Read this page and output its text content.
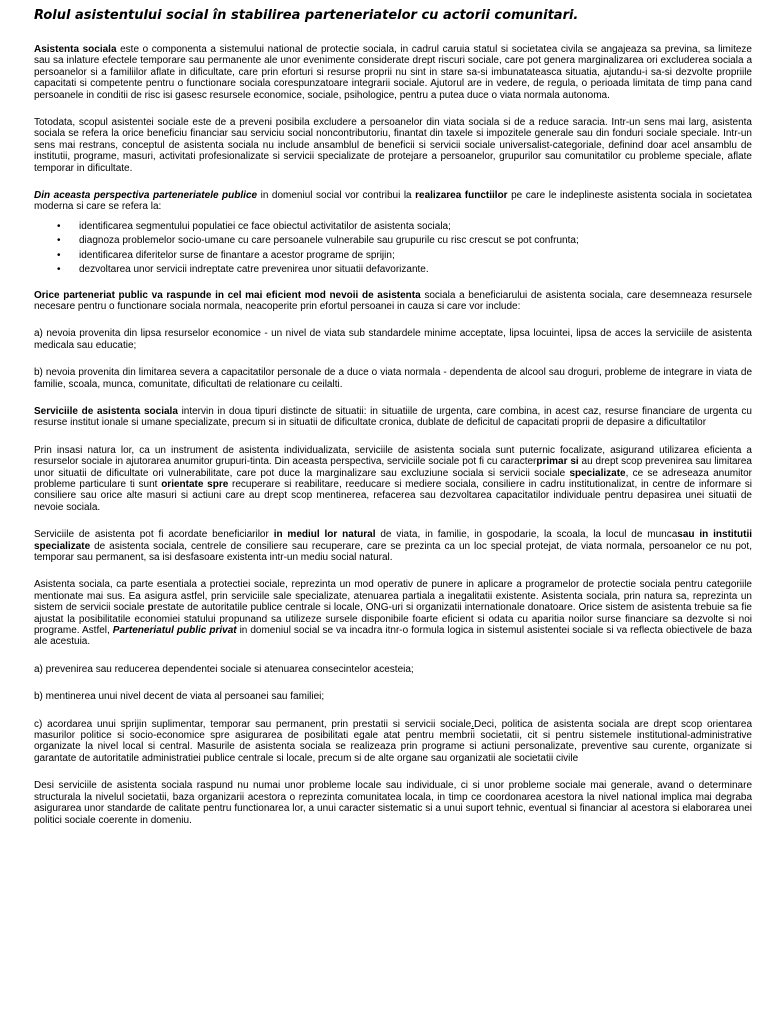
Rolul asistentului social în stabilirea parteneriatelor cu actorii comunitari.

Asistenta sociala este o componenta a sistemului national de protectie sociala, in cadrul caruia statul si societatea civila se angajeaza sa previna, sa limiteze sau sa inlature efectele temporare sau permanente ale unor evenimente considerate drept riscuri sociale, care pot genera marginalizarea ori excluderea sociala a persoanelor si a familiilor aflate in dificultate, care prin eforturi si resurse proprii nu sint in stare sa-si imbunatateasca situatia, ajutandu-i sa-si dezvolte propriile capacitati si competente pentru o functionare sociala corespunzatoare integrarii sociale. Ajutorul are in vedere, de regula, o perioada limitata de timp pana cand persoanele in conditii de risc isi gasesc resursele economice, sociale, psihologice, pentru a putea duce o viata normala autonoma.

Totodata, scopul asistentei sociale este de a preveni posibila excludere a persoanelor din viata sociala si de a reduce saracia. Intr-un sens mai larg, asistenta sociala se refera la orice beneficiu financiar sau serviciu social noncontributoriu, finantat din taxele si impozitele generale sau din fonduri sociale speciale. Intr-un sens mai restrans, conceptul de asistenta sociala nu include ansamblul de beneficii si servicii sociale universalist-categoriale, definind doar acel ansamblu de institutii, programe, masuri, activitati profesionalizate si servicii specializate de protejare a persoanelor, grupurilor sau comunitatilor cu probleme speciale, aflate temporar in dificultate.

Din aceasta perspectiva parteneriatele publice in domeniul social vor contribui la realizarea functiilor pe care le indeplineste asistenta sociala in societatea moderna si care se refera la:

• identificarea segmentului populatiei ce face obiectul activitatilor de asistenta sociala;
• diagnoza problemelor socio-umane cu care persoanele vulnerabile sau grupurile cu risc crescut se pot confrunta;
• identificarea diferitelor surse de finantare a acestor programe de sprijin;
• dezvoltarea unor servicii indreptate catre prevenirea unor situatii defavorizante.

Orice parteneriat public va raspunde in cel mai eficient mod nevoii de asistenta sociala a beneficiarului de asistenta sociala, care desemneaza resursele necesare pentru o functionare sociala normala, neacoperite prin efortul persoanei in cauza si care vor include:

a) nevoia provenita din lipsa resurselor economice - un nivel de viata sub standardele minime acceptate, lipsa locuintei, lipsa de acces la serviciile de asistenta medicala sau educatie;

b) nevoia provenita din limitarea severa a capacitatilor personale de a duce o viata normala - dependenta de alcool sau droguri, probleme de integrare in viata de familie, scoala, munca, comunitate, dificultati de relationare cu ceilalti.

Serviciile de asistenta sociala intervin in doua tipuri distincte de situatii: in situatiile de urgenta, care combina, in acest caz, resurse financiare de urgenta cu resurse institut ionale si umane specializate, precum si in situatii de dificultate cronica, dublate de deficitul de capacitati proprii de depasire a dificultatilor

Prin insasi natura lor, ca un instrument de asistenta individualizata, serviciile de asistenta sociala sunt puternic focalizate, asigurand utilizarea eficienta a resurselor sociale in ajutorarea anumitor grupuri-tinta. Din aceasta perspectiva, serviciile sociale pot fi cu caracterprimar si au drept scop prevenirea sau limitarea unor situatii de dificultate ori vulnerabilitate, care pot duce la marginalizare sau excluziune sociala si servicii sociale specializate, ce se adreseaza anumitor probleme particulare ti sunt orientate spre recuperare si reabilitare, reeducare si mediere sociala, consiliere in cadru institutionalizat, in centre de informare si consiliere sau orice alte masuri si actiuni care au drept scop mentinerea, refacerea sau dezvoltarea capacitatilor individuale pentru depasirea unei situatii de nevoie sociala.

Serviciile de asistenta pot fi acordate beneficiarilor in mediul lor natural de viata, in familie, in gospodarie, la scoala, la locul de muncasau in institutii specializate de asistenta sociala, centrele de consiliere sau recuperare, care se prezinta ca un loc special protejat, de viata normala, persoanelor ce nu pot, temporar sau permanent, sa isi desfasoare existenta intr-un mediu social natural.

Asistenta sociala, ca parte esentiala a protectiei sociale, reprezinta un mod operativ de punere in aplicare a programelor de protectie sociala pentru categoriile mentionate mai sus. Ea asigura astfel, prin serviciile sale specializate, atenuarea partiala a inegalitatii existente. Asistenta sociala, prin natura sa, reprezinta un sistem de servicii sociale prestate de autoritatile publice centrale si locale, ONG-uri si organizatii internationale donatoare. Orice sistem de asistenta trebuie sa fie ajustat la posibilitatile economiei statului propunand sa utilizeze sursele disponibile foarte eficient si odata cu aparitia noilor surse financiare sa dezvolte si noi programe. Astfel, Parteneriatul public privat in domeniul social se va incadra itnr-o formula logica in sistemul asistentei sociale si va reflecta obiectivele de baza ale acestuia.

a) prevenirea sau reducerea dependentei sociale si atenuarea consecintelor acesteia;

b) mentinerea unui nivel decent de viata al persoanei sau familiei;

c) acordarea unui sprijin suplimentar, temporar sau permanent, prin prestatii si servicii sociale.Deci, politica de asistenta sociala are drept scop orientarea masurilor politice si socio-economice spre asigurarea de posibilitati egale atat pentru membrii societatii, cit si pentru sistemele institutional-administrative organizate la nivel local si central. Masurile de asistenta sociala se realizeaza prin programe si actiuni personalizate, preventive sau curente, organizate si garantate de autoritatile administratiei publice centrale si locale, precum si de alte organe sau organizatii ale societatii civile

Desi serviciile de asistenta sociala raspund nu numai unor probleme locale sau individuale, ci si unor probleme sociale mai generale, avand o determinare structurala la nivelul societatii, baza organizarii acestora o reprezinta comunitatea locala, in timp ce coordonarea acestora la nivel national implica mai degraba asigurarea unor standarde de calitate pentru functionarea lor, a unui caracter sistematic si a unui suport tehnic, eventual si financiar al acestora si elaborarea unei politici sociale coerente in domeniu.
